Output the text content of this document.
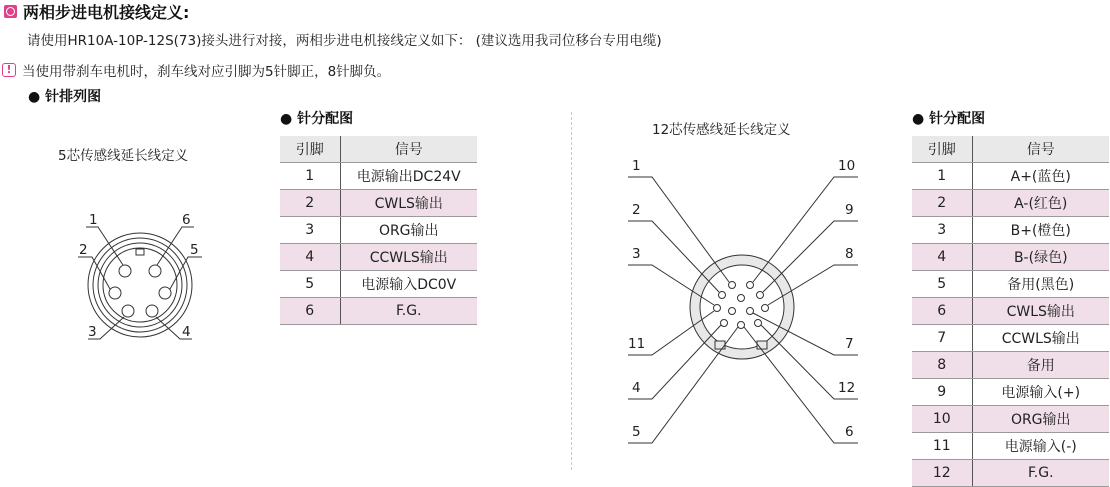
两相步进电机接线定义:
请使用HR10A-10P-12S(73)接头进行对接，两相步进电机接线定义如下： (建议选用我司位移台专用电缆)
! 当使用带刹车电机时，刹车线对应引脚为5针脚正，8针脚负。
● 针排列图
5芯传感线延长线定义
● 针分配图
1	6
2	5
3	4
引脚	信号
1	电源输出DC24V
2	CWLS输出
3	ORG输出
4	CCWLS输出
5	电源输入DC0V
6	F.G.
12芯传感线延长线定义
● 针分配图
1
2
3
11
4
5
10
9
8
7
12
6
引脚	信号
1	A+(蓝色)
2	A-(红色)
3	B+(橙色)
4	B-(绿色)
5	备用(黑色)
6	CWLS输出
7	CCWLS输出
8	备用
9	电源输入(+)
10	ORG输出
11	电源输入(-)
12	F.G.
